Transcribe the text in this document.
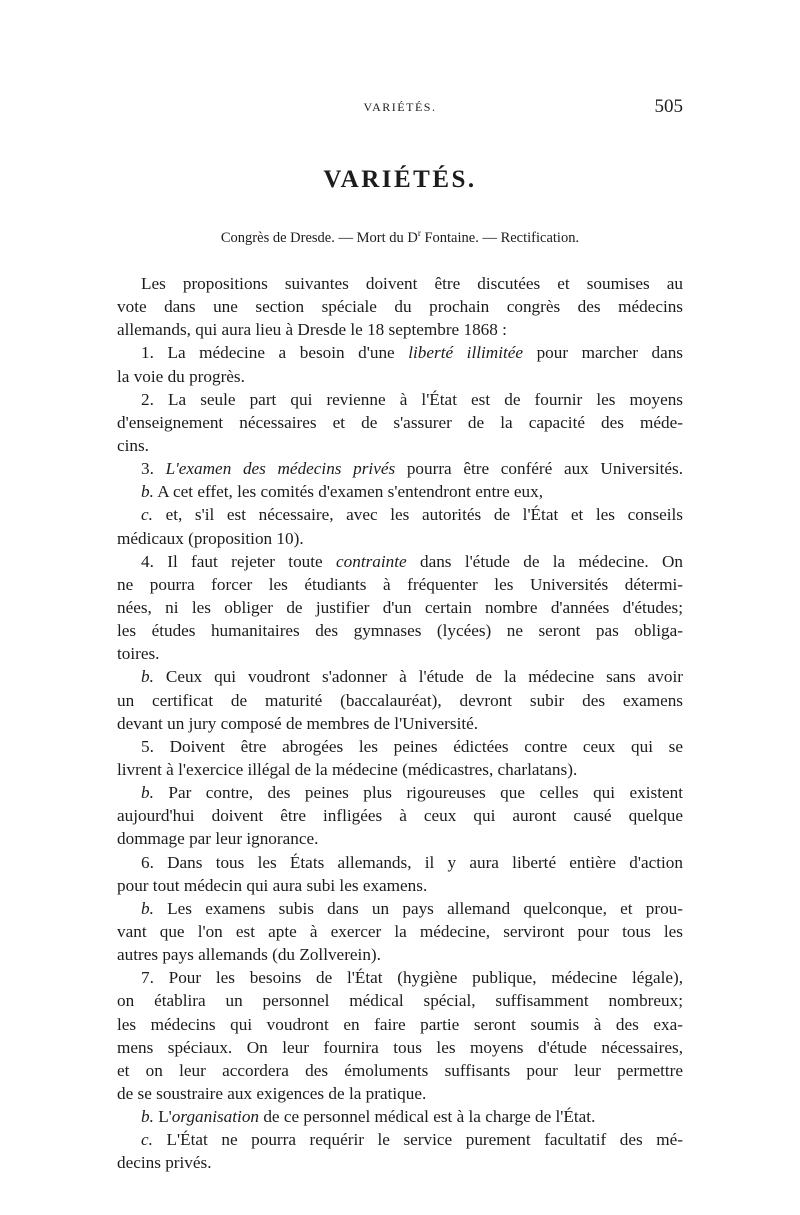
VARIÉTÉS.	505
VARIÉTÉS.
Congrès de Dresde. — Mort du $D^r$ Fontaine. — Rectification.
Les propositions suivantes doivent être discutées et soumises au
vote dans une section spéciale du prochain congrès des médecins
allemands, qui aura lieu à Dresde le 18 septembre 1868 :
1. La médecine a besoin d'une liberté illimitée pour marcher dans
la voie du progrès.
2. La seule part qui revienne à l'État est de fournir les moyens
d'enseignement nécessaires et de s'assurer de la capacité des méde-
cins.
3. L'examen des médecins privés pourra être conféré aux Universités.
b. A cet effet, les comités d'examen s'entendront entre eux,
c. et, s'il est nécessaire, avec les autorités de l'État et les conseils
médicaux (proposition 10).
4. Il faut rejeter toute contrainte dans l'étude de la médecine. On
ne pourra forcer les étudiants à fréquenter les Universités détermi-
nées, ni les obliger de justifier d'un certain nombre d'années d'études;
les études humanitaires des gymnases (lycées) ne seront pas obliga-
toires.
b. Ceux qui voudront s'adonner à l'étude de la médecine sans avoir
un certificat de maturité (baccalauréat), devront subir des examens
devant un jury composé de membres de l'Université.
5. Doivent être abrogées les peines édictées contre ceux qui se
livrent à l'exercice illégal de la médecine (médicastres, charlatans).
b. Par contre, des peines plus rigoureuses que celles qui existent
aujourd'hui doivent être infligées à ceux qui auront causé quelque
dommage par leur ignorance.
6. Dans tous les États allemands, il y aura liberté entière d'action
pour tout médecin qui aura subi les examens.
b. Les examens subis dans un pays allemand quelconque, et prou-
vant que l'on est apte à exercer la médecine, serviront pour tous les
autres pays allemands (du Zollverein).
7. Pour les besoins de l'État (hygiène publique, médecine légale),
on établira un personnel médical spécial, suffisamment nombreux;
les médecins qui voudront en faire partie seront soumis à des exa-
mens spéciaux. On leur fournira tous les moyens d'étude nécessaires,
et on leur accordera des émoluments suffisants pour leur permettre
de se soustraire aux exigences de la pratique.
b. L'organisation de ce personnel médical est à la charge de l'État.
c. L'État ne pourra requérir le service purement facultatif des mé-
decins privés.
